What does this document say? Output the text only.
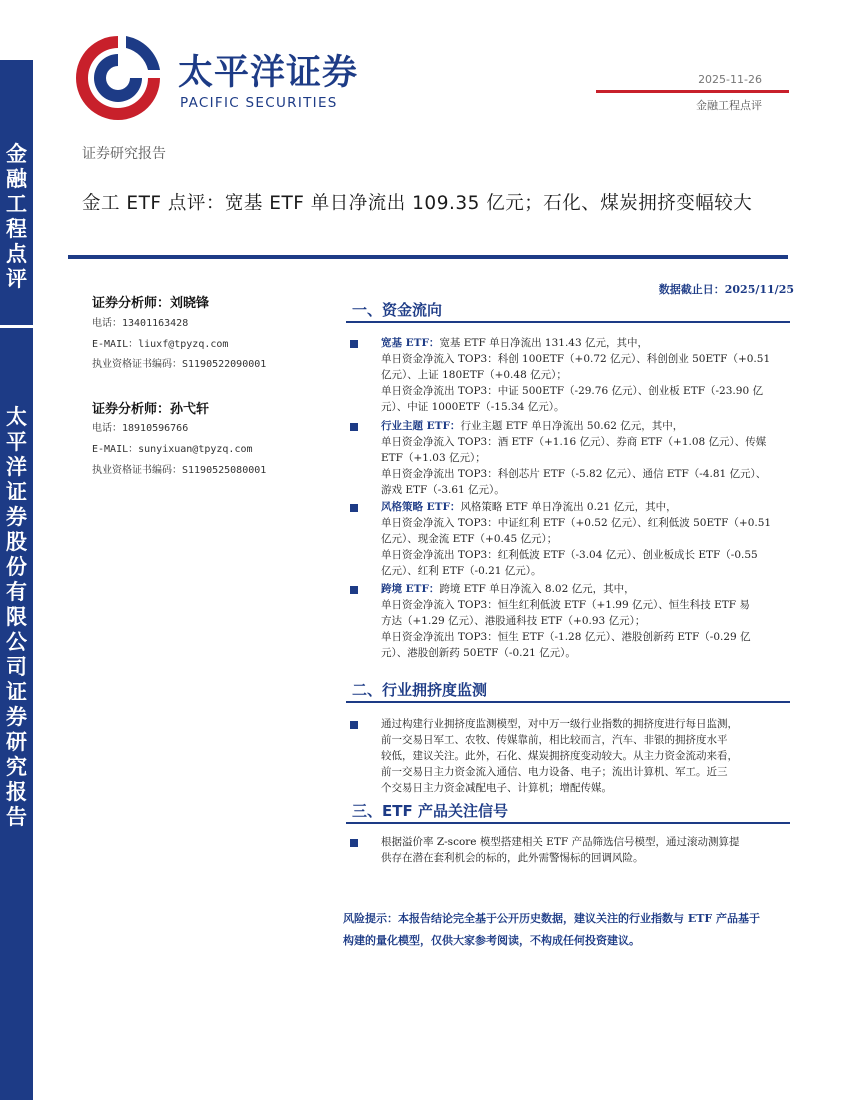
金融工程点评
太平洋证券股份有限公司证券研究报告
太平洋证券
PACIFIC SECURITIES
2025-11-26
金融工程点评
证券研究报告
金工 ETF 点评：宽基 ETF 单日净流出 109.35 亿元；石化、煤炭拥挤变幅较大
数据截止日：2025/11/25
证券分析师：刘晓锋
电话：13401163428
E-MAIL：liuxf@tpyzq.com
执业资格证书编码：S1190522090001
证券分析师：孙弋轩
电话：18910596766
E-MAIL：sunyixuan@tpyzq.com
执业资格证书编码：S1190525080001
一、资金流向
宽基 ETF：宽基 ETF 单日净流出 131.43 亿元，其中，
单日资金净流入 TOP3：科创 100ETF（+0.72 亿元）、科创创业 50ETF（+0.51
亿元）、上证 180ETF（+0.48 亿元）；
单日资金净流出 TOP3：中证 500ETF（-29.76 亿元）、创业板 ETF（-23.90 亿
元）、中证 1000ETF（-15.34 亿元）。
行业主题 ETF：行业主题 ETF 单日净流出 50.62 亿元，其中，
单日资金净流入 TOP3：酒 ETF（+1.16 亿元）、券商 ETF（+1.08 亿元）、传媒
ETF（+1.03 亿元）；
单日资金净流出 TOP3：科创芯片 ETF（-5.82 亿元）、通信 ETF（-4.81 亿元）、
游戏 ETF（-3.61 亿元）。
风格策略 ETF：风格策略 ETF 单日净流出 0.21 亿元，其中，
单日资金净流入 TOP3：中证红利 ETF（+0.52 亿元）、红利低波 50ETF（+0.51
亿元）、现金流 ETF（+0.45 亿元）；
单日资金净流出 TOP3：红利低波 ETF（-3.04 亿元）、创业板成长 ETF（-0.55
亿元）、红利 ETF（-0.21 亿元）。
跨境 ETF：跨境 ETF 单日净流入 8.02 亿元，其中，
单日资金净流入 TOP3：恒生红利低波 ETF（+1.99 亿元）、恒生科技 ETF 易
方达（+1.29 亿元）、港股通科技 ETF（+0.93 亿元）；
单日资金净流出 TOP3：恒生 ETF（-1.28 亿元）、港股创新药 ETF（-0.29 亿
元）、港股创新药 50ETF（-0.21 亿元）。
二、行业拥挤度监测
通过构建行业拥挤度监测模型，对中万一级行业指数的拥挤度进行每日监测，
前一交易日军工、农牧、传媒靠前，相比较而言，汽车、非银的拥挤度水平
较低，建议关注。此外，石化、煤炭拥挤度变动较大。从主力资金流动来看，
前一交易日主力资金流入通信、电力设备、电子；流出计算机、军工。近三
个交易日主力资金减配电子、计算机；增配传媒。
三、ETF 产品关注信号
根据溢价率 Z-score 模型搭建相关 ETF 产品筛选信号模型，通过滚动测算提
供存在潜在套利机会的标的，此外需警惕标的回调风险。
风险提示：本报告结论完全基于公开历史数据，建议关注的行业指数与 ETF 产品基于
构建的量化模型，仅供大家参考阅读，不构成任何投资建议。
